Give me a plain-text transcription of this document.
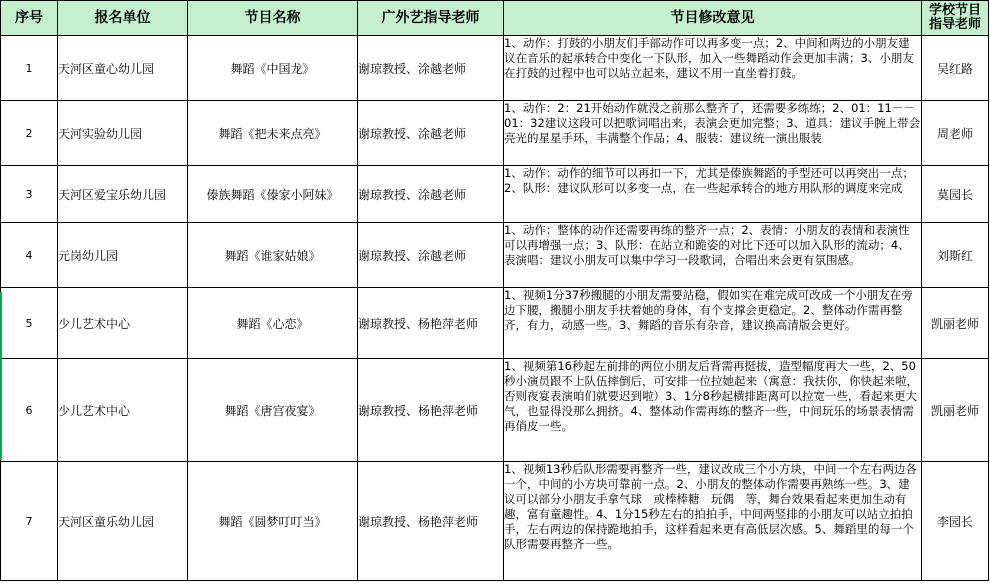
序号	报名单位	节目名称	广外艺指导老师	节目修改意见	学校节目
指导老师
1	天河区童心幼儿园	舞蹈《中国龙》	谢琼教授、涂越老师	1、动作：打鼓的小朋友们手部动作可以再多变一点；2、中间和两边的小朋友建议在音乐的起承转合中变化一下队形，加入一些舞蹈动作会更加丰满；3、小朋友在打鼓的过程中也可以站立起来，建议不用一直坐着打鼓。	吴红路
2	天河实验幼儿园	舞蹈《把未来点亮》	谢琼教授、涂越老师	1、动作：2：21开始动作就没之前那么整齐了，还需要多练练；2、01：11－－01：32建议这段可以把歌词唱出来，表演会更加完整；3、道具：建议手腕上带会亮光的星星手环，丰满整个作品；4、服装：建议统一演出服装	周老师
3	天河区爱宝乐幼儿园	傣族舞蹈《傣家小阿妹》	谢琼教授、涂越老师	1、动作：动作的细节可以再扣一下，尤其是傣族舞蹈的手型还可以再突出一点；2、队形：建议队形可以多变一点，在一些起承转合的地方用队形的调度来完成	莫园长
4	元岗幼儿园	舞蹈《谁家姑娘》	谢琼教授、涂越老师	1、动作：整体的动作还需要再练的整齐一点；2、表情：小朋友的表情和表演性可以再增强一点；3、队形：在站立和跪姿的对比下还可以加入队形的流动；4、表演唱：建议小朋友可以集中学习一段歌词，合唱出来会更有氛围感。	刘斯红
5	少儿艺术中心	舞蹈《心恋》	谢琼教授、杨艳萍老师	1、视频1分37秒搬腿的小朋友需要站稳，假如实在难完成可改成一个小朋友在旁边下腰，搬腿小朋友手扶着她的身体，有个支撑会更稳定。2、整体动作需再整齐，有力，动感一些。3、舞蹈的音乐有杂音，建议换高清版会更好。	凯丽老师
6	少儿艺术中心	舞蹈《唐宫夜宴》	谢琼教授、杨艳萍老师	1、视频第16秒起左前排的两位小朋友后背需再挺拔，造型幅度再大一些，2、50秒小演员跟不上队伍摔倒后，可安排一位拉她起来（寓意：我扶你，你快起来啦，否则夜宴表演咱们就要迟到啦）3、1分8秒起横排距离可以拉宽一些，看起来更大气，也显得没那么拥挤。4、整体动作需再练的整齐一些，中间玩乐的场景表情需再俏皮一些。	凯丽老师
7	天河区童乐幼儿园	舞蹈《圆梦叮叮当》	谢琼教授、杨艳萍老师	1、视频13秒后队形需要再整齐一些，建议改成三个小方块，中间一个左右两边各一个，中间的小方块可靠前一点。2、小朋友的整体动作需要再熟练一些。3、建议可以部分小朋友手拿气球　或棒棒糖　玩偶　等，舞台效果看起来更加生动有趣，富有童趣性。4、1分15秒左右的拍拍手，中间两竖排的小朋友可以站立拍拍手，左右两边的保持跪地拍手，这样看起来更有高低层次感。5、舞蹈里的每一个队形需要再整齐一些。	李园长
